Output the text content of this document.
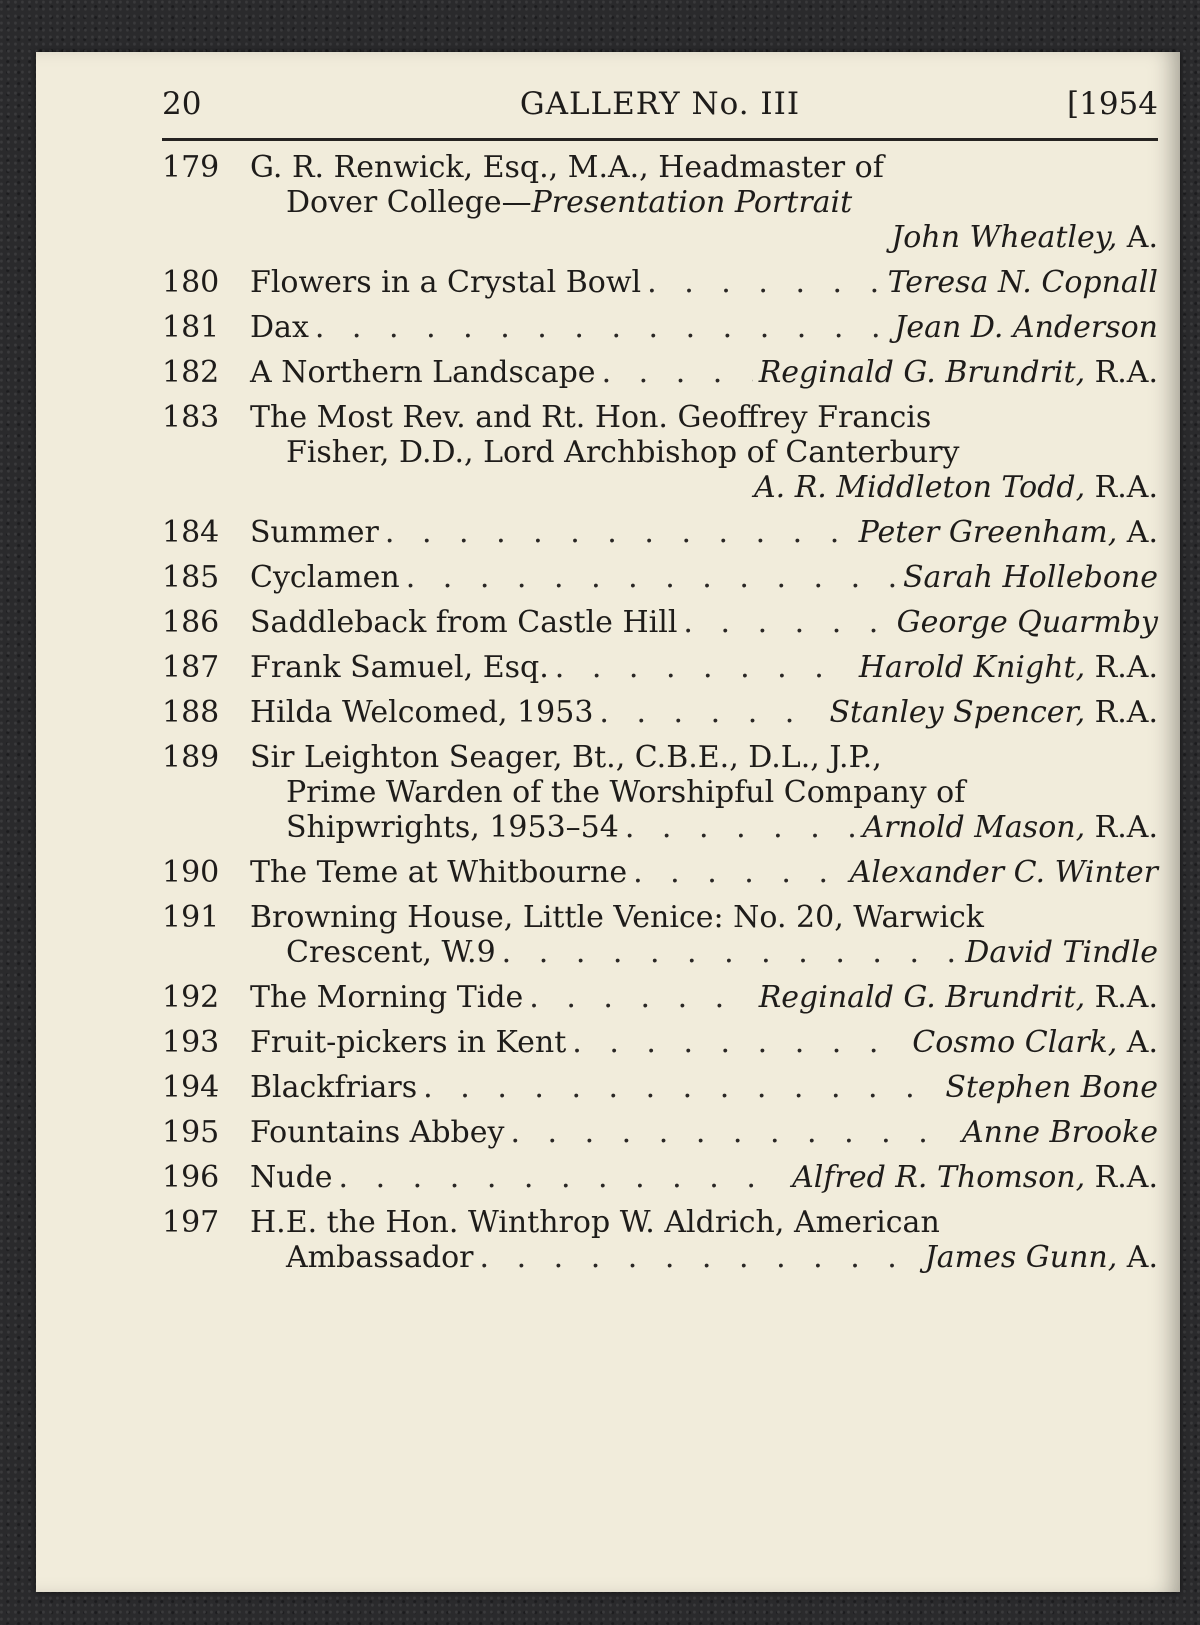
20	GALLERY No. III	[1954
179	G. R. Renwick, Esq., M.A., Headmaster of
Dover College— Presentation Portrait
John Wheatley, A.
180	Flowers in a Crystal Bowl . . .	Teresa N. Copnall
181	Dax . . .	Jean D. Anderson
182	A Northern Landscape . . .	Reginald G. Brundrit, R.A.
183	The Most Rev. and Rt. Hon. Geoffrey Francis
Fisher, D.D., Lord Archbishop of Canterbury
A. R. Middleton Todd, R.A.
184	Summer . . .	Peter Greenham, A.
185	Cyclamen . . .	Sarah Hollebone
186	Saddleback from Castle Hill . . .	George Quarmby
187	Frank Samuel, Esq. . . .	Harold Knight, R.A.
188	Hilda Welcomed, 1953 . . .	Stanley Spencer, R.A.
189	Sir Leighton Seager, Bt., C.B.E., D.L., J.P.,
Prime Warden of the Worshipful Company of
Shipwrights, 1953–54 . . .	Arnold Mason, R.A.
190	The Teme at Whitbourne . . .	Alexander C. Winter
191	Browning House, Little Venice: No. 20, Warwick
Crescent, W.9 . . .	David Tindle
192	The Morning Tide . . .	Reginald G. Brundrit, R.A.
193	Fruit-pickers in Kent . . .	Cosmo Clark, A.
194	Blackfriars . . .	Stephen Bone
195	Fountains Abbey . . .	Anne Brooke
196	Nude . . .	Alfred R. Thomson, R.A.
197	H.E. the Hon. Winthrop W. Aldrich, American
Ambassador . . .	James Gunn, A.
